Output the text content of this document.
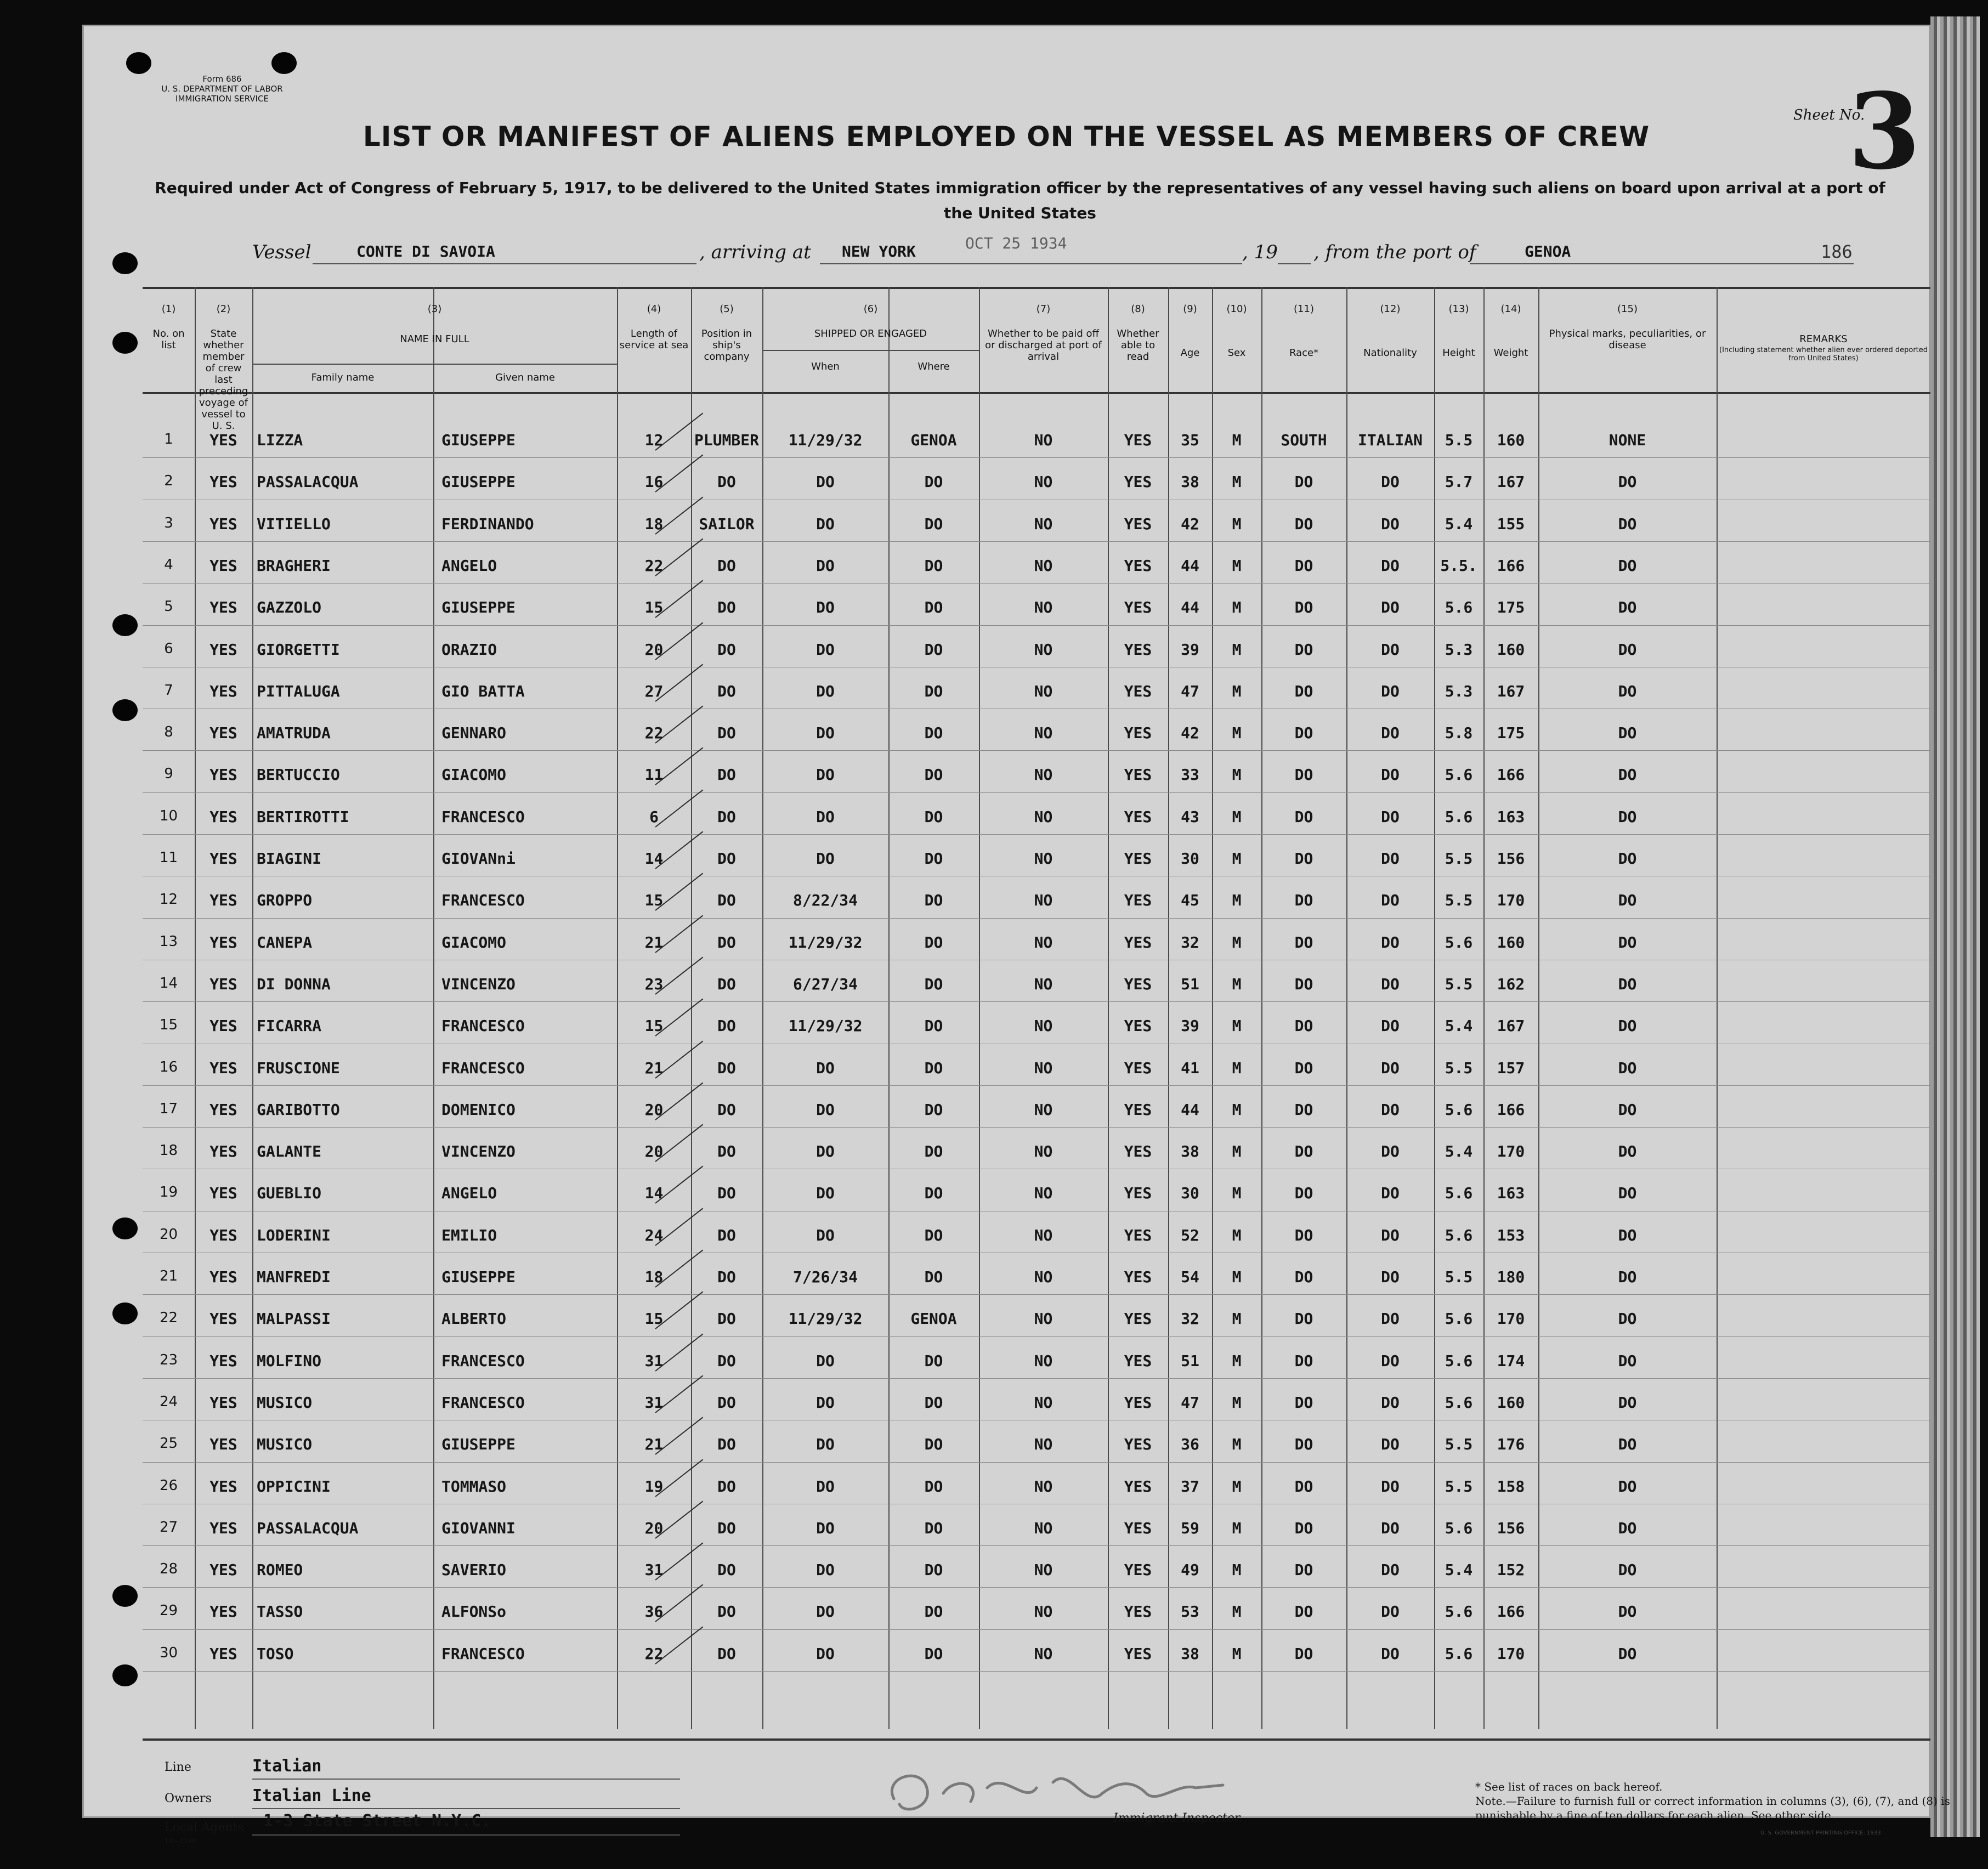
Form 686
U. S. DEPARTMENT OF LABOR
IMMIGRATION SERVICE
Sheet No.
3
LIST OR MANIFEST OF ALIENS EMPLOYED ON THE VESSEL AS MEMBERS OF CREW
Required under Act of Congress of February 5, 1917, to be delivered to the United States immigration officer by the representatives of any vessel having such aliens on board upon arrival at a port of the United States
Vessel	CONTE DI SAVOIA	, arriving at NEW YORK	, 19 , from the port of	GENOA
OCT 25 1934	186
(1)
No. on list
(2)
State whether member of crew last preceding voyage of vessel to U. S.
(4)
Length of service at sea
(5)
Position in ship's company
(7)
Whether to be paid off or discharged at port of arrival
(8)
Whether able to read
(9)
Age
(10)
Sex
(11)
Race*
(12)
Nationality
(13)
Height
(14)
Weight
(15)
Physical marks, peculiarities, or disease
(3)
NAME IN FULL
Family name	Given name
(6)
SHIPPED OR ENGAGED
When	Where
REMARKS
(Including statement whether alien ever ordered deported from United States)
1	YES	LIZZA	GIUSEPPE	12	PLUMBER	11/29/32	GENOA	NO	YES	35	M	SOUTH	ITALIAN	5.5	160	NONE
2	YES	PASSALACQUA	GIUSEPPE	16	DO	DO	DO	NO	YES	38	M	DO	DO	5.7	167	DO
3	YES	VITIELLO	FERDINANDO	18	SAILOR	DO	DO	NO	YES	42	M	DO	DO	5.4	155	DO
4	YES	BRAGHERI	ANGELO	22	DO	DO	DO	NO	YES	44	M	DO	DO	5.5.	166	DO
5	YES	GAZZOLO	GIUSEPPE	15	DO	DO	DO	NO	YES	44	M	DO	DO	5.6	175	DO
6	YES	GIORGETTI	ORAZIO	20	DO	DO	DO	NO	YES	39	M	DO	DO	5.3	160	DO
7	YES	PITTALUGA	GIO BATTA	27	DO	DO	DO	NO	YES	47	M	DO	DO	5.3	167	DO
8	YES	AMATRUDA	GENNARO	22	DO	DO	DO	NO	YES	42	M	DO	DO	5.8	175	DO
9	YES	BERTUCCIO	GIACOMO	11	DO	DO	DO	NO	YES	33	M	DO	DO	5.6	166	DO
10	YES	BERTIROTTI	FRANCESCO	6	DO	DO	DO	NO	YES	43	M	DO	DO	5.6	163	DO
11	YES	BIAGINI	GIOVANni	14	DO	DO	DO	NO	YES	30	M	DO	DO	5.5	156	DO
12	YES	GROPPO	FRANCESCO	15	DO	8/22/34	DO	NO	YES	45	M	DO	DO	5.5	170	DO
13	YES	CANEPA	GIACOMO	21	DO	11/29/32	DO	NO	YES	32	M	DO	DO	5.6	160	DO
14	YES	DI DONNA	VINCENZO	23	DO	6/27/34	DO	NO	YES	51	M	DO	DO	5.5	162	DO
15	YES	FICARRA	FRANCESCO	15	DO	11/29/32	DO	NO	YES	39	M	DO	DO	5.4	167	DO
16	YES	FRUSCIONE	FRANCESCO	21	DO	DO	DO	NO	YES	41	M	DO	DO	5.5	157	DO
17	YES	GARIBOTTO	DOMENICO	20	DO	DO	DO	NO	YES	44	M	DO	DO	5.6	166	DO
18	YES	GALANTE	VINCENZO	20	DO	DO	DO	NO	YES	38	M	DO	DO	5.4	170	DO
19	YES	GUEBLIO	ANGELO	14	DO	DO	DO	NO	YES	30	M	DO	DO	5.6	163	DO
20	YES	LODERINI	EMILIO	24	DO	DO	DO	NO	YES	52	M	DO	DO	5.6	153	DO
21	YES	MANFREDI	GIUSEPPE	18	DO	7/26/34	DO	NO	YES	54	M	DO	DO	5.5	180	DO
22	YES	MALPASSI	ALBERTO	15	DO	11/29/32	GENOA	NO	YES	32	M	DO	DO	5.6	170	DO
23	YES	MOLFINO	FRANCESCO	31	DO	DO	DO	NO	YES	51	M	DO	DO	5.6	174	DO
24	YES	MUSICO	FRANCESCO	31	DO	DO	DO	NO	YES	47	M	DO	DO	5.6	160	DO
25	YES	MUSICO	GIUSEPPE	21	DO	DO	DO	NO	YES	36	M	DO	DO	5.5	176	DO
26	YES	OPPICINI	TOMMASO	19	DO	DO	DO	NO	YES	37	M	DO	DO	5.5	158	DO
27	YES	PASSALACQUA	GIOVANNI	20	DO	DO	DO	NO	YES	59	M	DO	DO	5.6	156	DO
28	YES	ROMEO	SAVERIO	31	DO	DO	DO	NO	YES	49	M	DO	DO	5.4	152	DO
29	YES	TASSO	ALFONSo	36	DO	DO	DO	NO	YES	53	M	DO	DO	5.6	166	DO
30	YES	TOSO	FRANCESCO	22	DO	DO	DO	NO	YES	38	M	DO	DO	5.6	170	DO
Line	Italian
Owners Italian Line
Local Agents 1-3 State Street N.Y.C.
14—1240
Immigrant Inspector.
* See list of races on back hereof.
Note.—Failure to furnish full or correct information in columns (3), (6), (7), and (8) is punishable by a fine of ten dollars for each alien. See other side.
U. S. GOVERNMENT PRINTING OFFICE: 1933
